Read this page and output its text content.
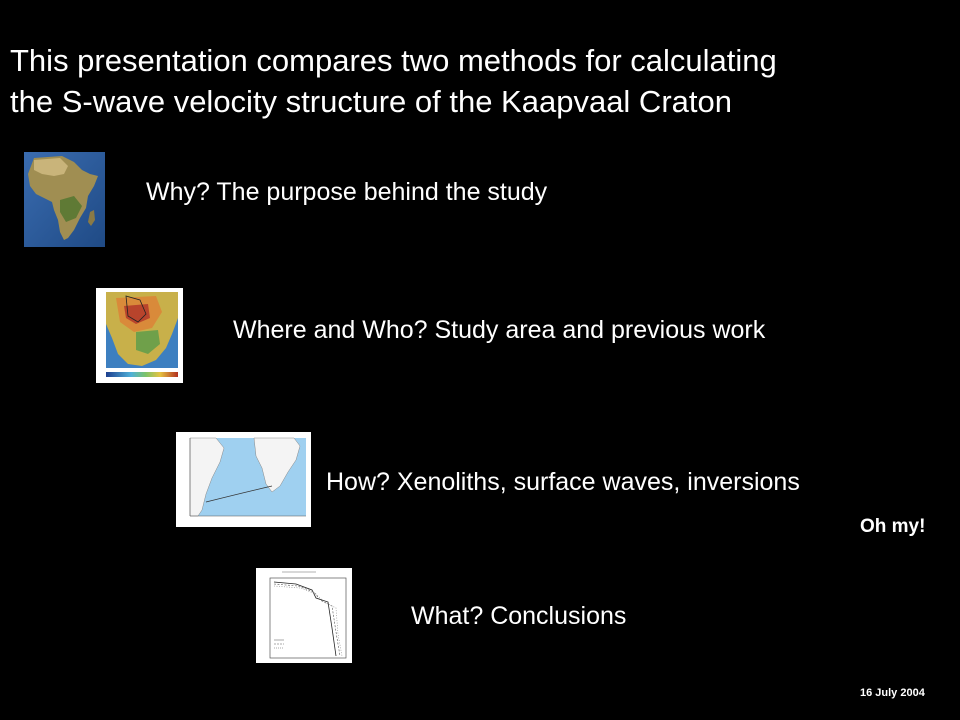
This presentation compares two methods for calculating
the S-wave velocity structure of the Kaapvaal Craton
Why? The purpose behind the study
Where and Who? Study area and previous work
How? Xenoliths, surface waves, inversions
Oh my!
What? Conclusions
16 July 2004
